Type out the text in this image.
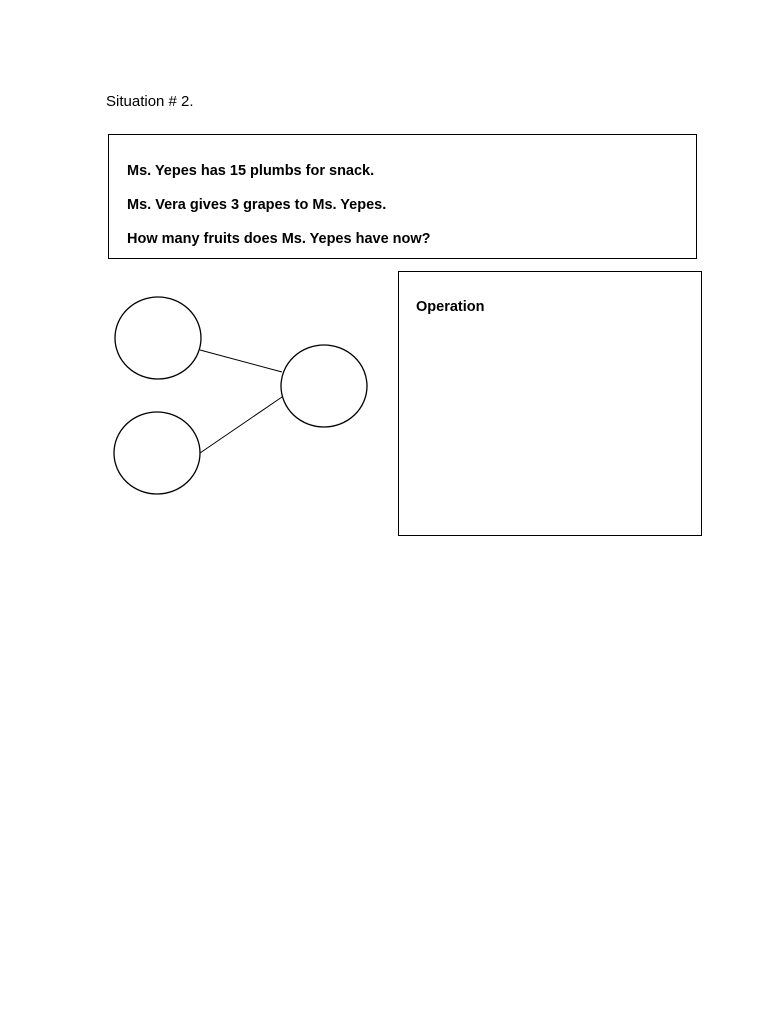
Situation # 2.
Ms. Yepes has 15 plumbs for snack.
Ms. Vera gives 3 grapes to Ms. Yepes.
How many fruits does Ms. Yepes have now?
Operation
